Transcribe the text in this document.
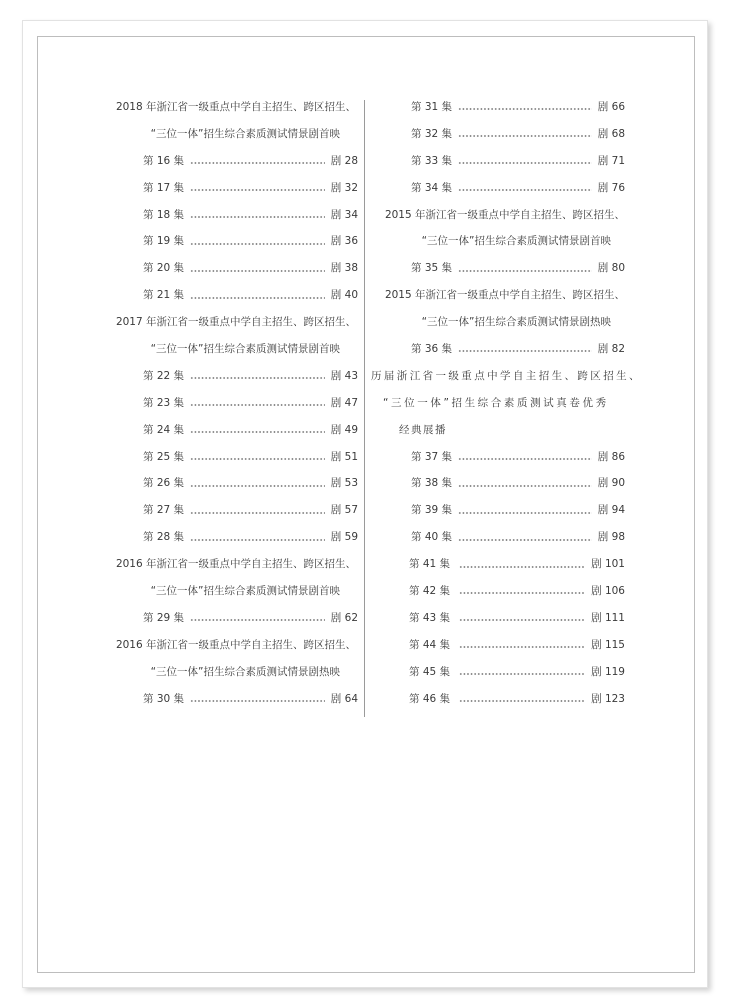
2018 年浙江省一级重点中学自主招生、跨区招生、
“三位一体”招生综合素质测试情景剧首映
第 16 集	剧 28
第 17 集	剧 32
第 18 集	剧 34
第 19 集	剧 36
第 20 集	剧 38
第 21 集	剧 40
2017 年浙江省一级重点中学自主招生、跨区招生、
“三位一体”招生综合素质测试情景剧首映
第 22 集	剧 43
第 23 集	剧 47
第 24 集	剧 49
第 25 集	剧 51
第 26 集	剧 53
第 27 集	剧 57
第 28 集	剧 59
2016 年浙江省一级重点中学自主招生、跨区招生、
“三位一体”招生综合素质测试情景剧首映
第 29 集	剧 62
2016 年浙江省一级重点中学自主招生、跨区招生、
“三位一体”招生综合素质测试情景剧热映
第 30 集	剧 64
第 31 集	剧 66
第 32 集	剧 68
第 33 集	剧 71
第 34 集	剧 76
2015 年浙江省一级重点中学自主招生、跨区招生、
“三位一体”招生综合素质测试情景剧首映
第 35 集	剧 80
2015 年浙江省一级重点中学自主招生、跨区招生、
“三位一体”招生综合素质测试情景剧热映
第 36 集	剧 82
历届浙江省一级重点中学自主招生、跨区招生、
“三位一体”招生综合素质测试真卷优秀
经典展播
第 37 集	剧 86
第 38 集	剧 90
第 39 集	剧 94
第 40 集	剧 98
第 41 集	剧 101
第 42 集	剧 106
第 43 集	剧 111
第 44 集	剧 115
第 45 集	剧 119
第 46 集	剧 123
